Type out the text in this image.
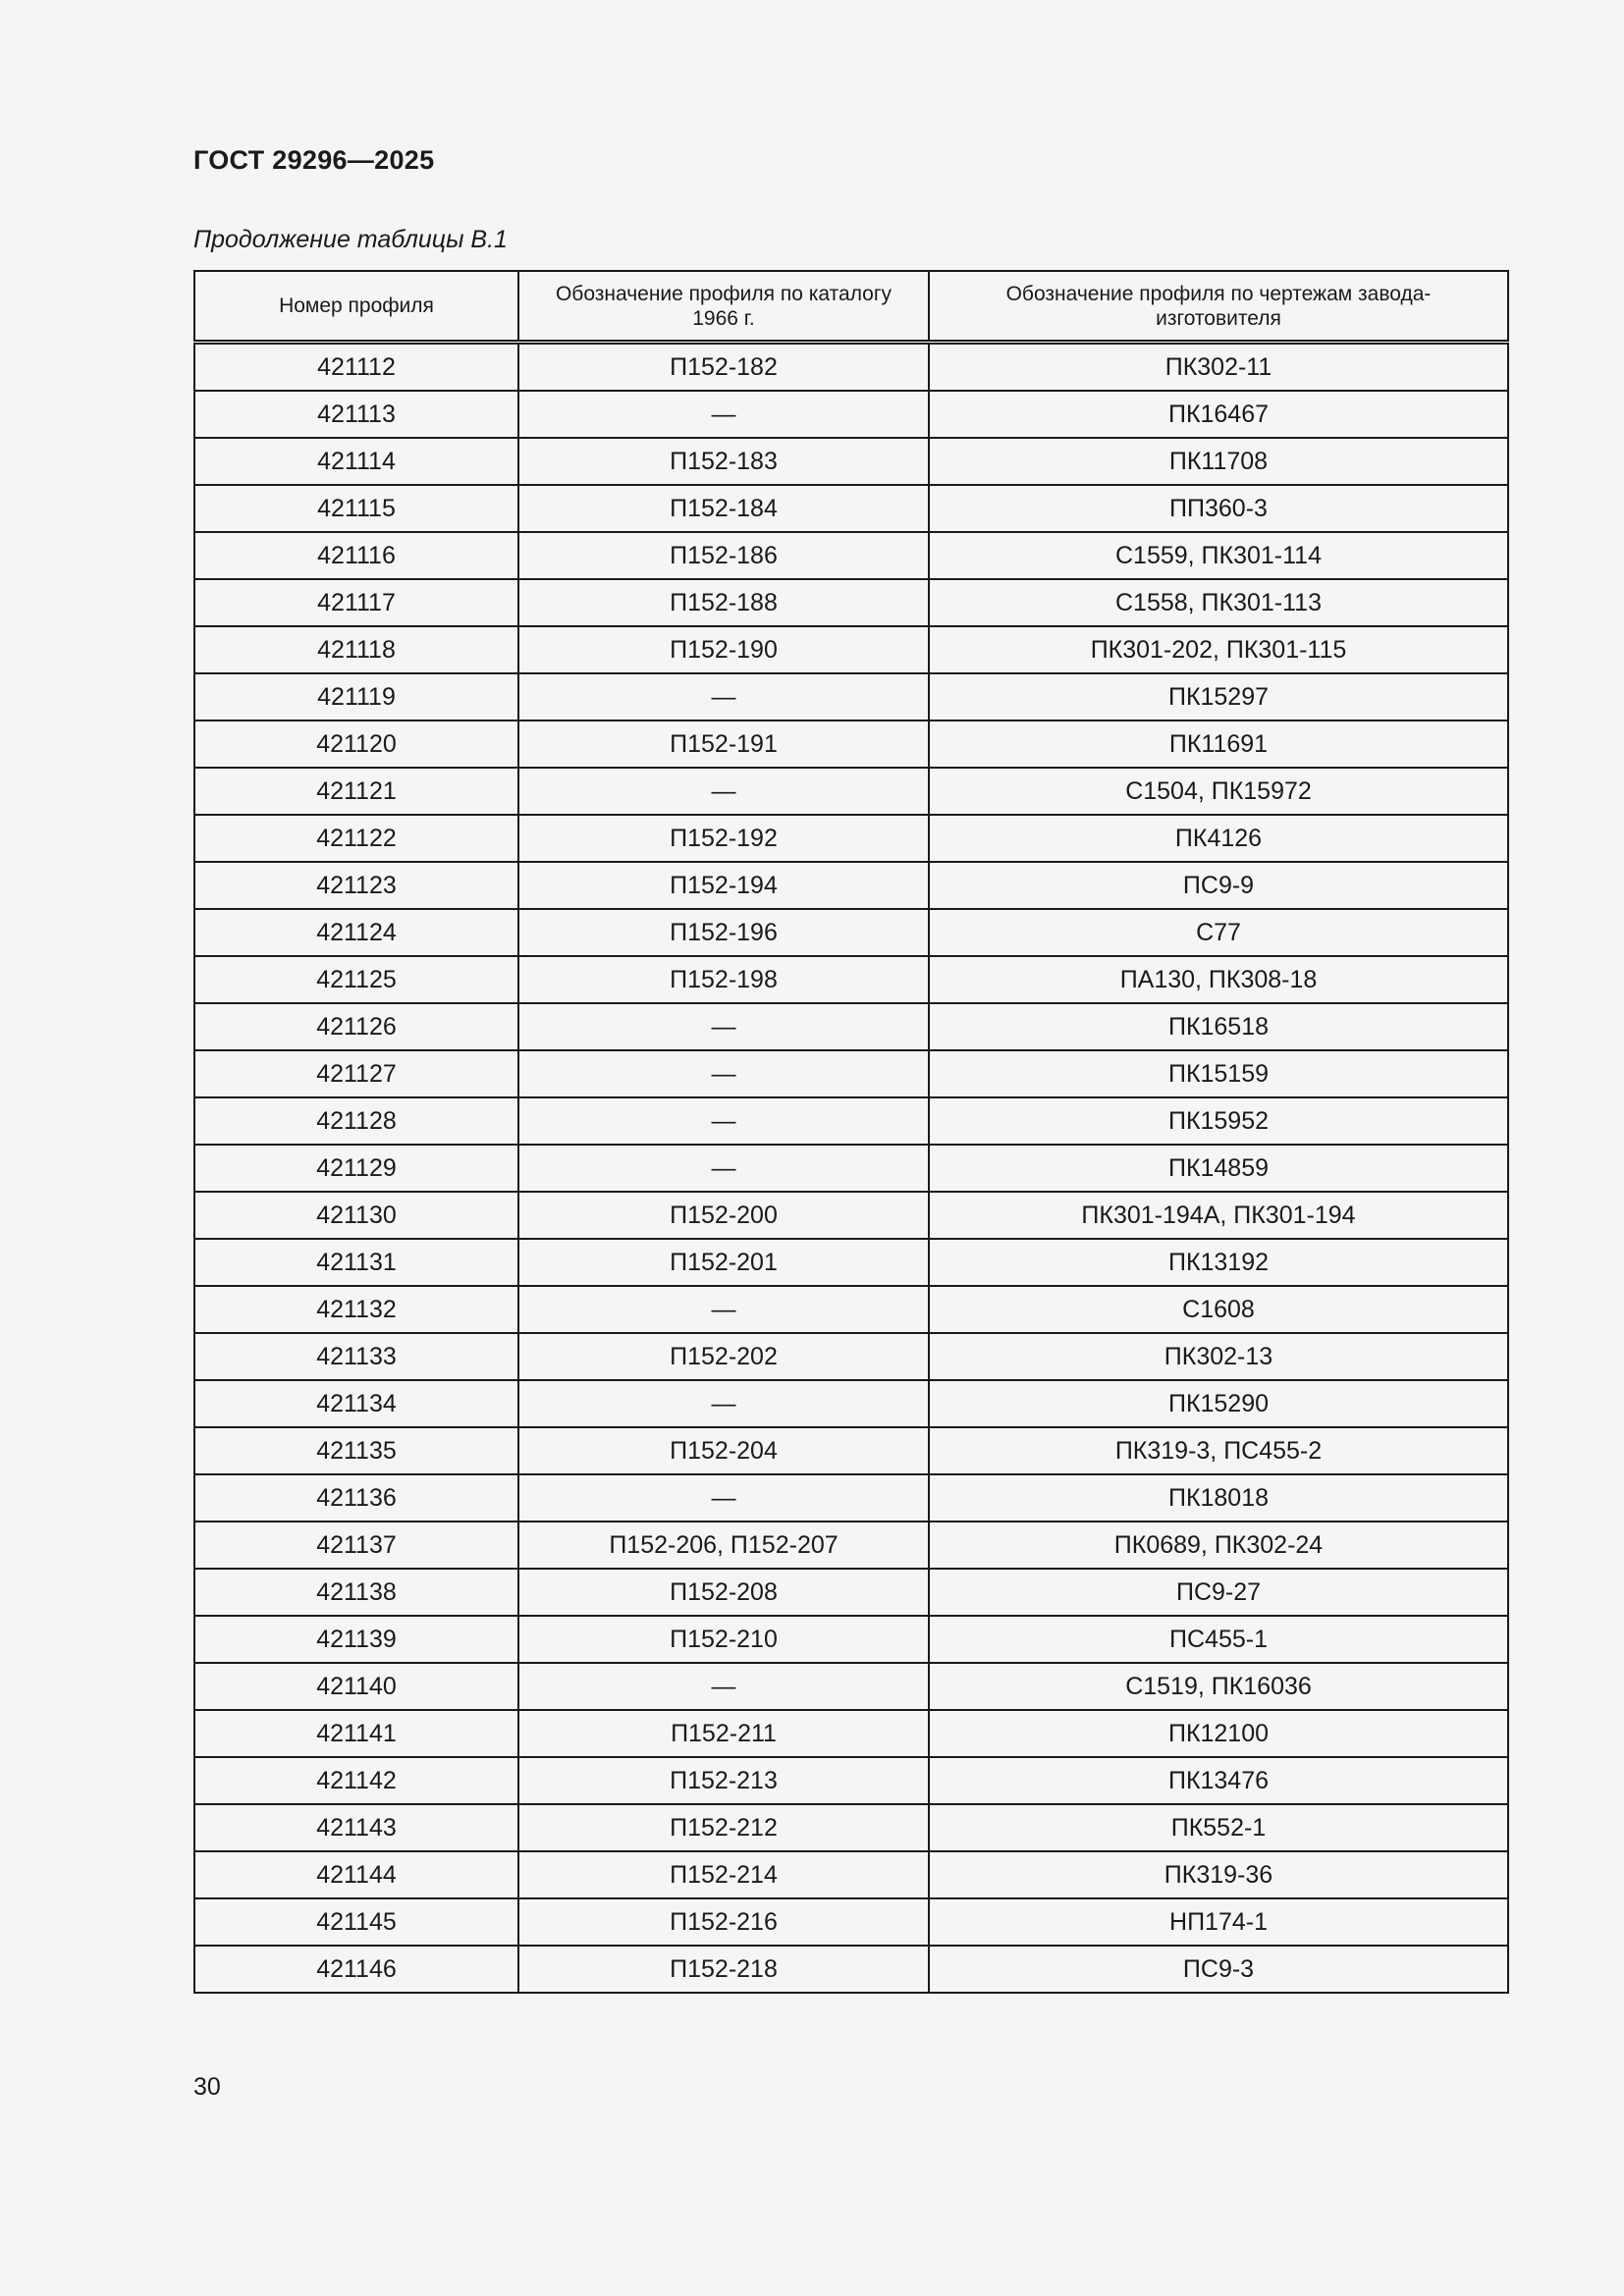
ГОСТ 29296—2025
Продолжение таблицы В.1
Номер профиля	Обозначение профиля по каталогу 1966 г.	Обозначение профиля по чертежам завода-изготовителя
421112	П152-182	ПК302-11
421113	—	ПК16467
421114	П152-183	ПК11708
421115	П152-184	ПП360-3
421116	П152-186	С1559, ПК301-114
421117	П152-188	С1558, ПК301-113
421118	П152-190	ПК301-202, ПК301-115
421119	—	ПК15297
421120	П152-191	ПК11691
421121	—	С1504, ПК15972
421122	П152-192	ПК4126
421123	П152-194	ПС9-9
421124	П152-196	С77
421125	П152-198	ПА130, ПК308-18
421126	—	ПК16518
421127	—	ПК15159
421128	—	ПК15952
421129	—	ПК14859
421130	П152-200	ПК301-194А, ПК301-194
421131	П152-201	ПК13192
421132	—	С1608
421133	П152-202	ПК302-13
421134	—	ПК15290
421135	П152-204	ПК319-3, ПС455-2
421136	—	ПК18018
421137	П152-206, П152-207	ПК0689, ПК302-24
421138	П152-208	ПС9-27
421139	П152-210	ПС455-1
421140	—	С1519, ПК16036
421141	П152-211	ПК12100
421142	П152-213	ПК13476
421143	П152-212	ПК552-1
421144	П152-214	ПК319-36
421145	П152-216	НП174-1
421146	П152-218	ПС9-3
30
